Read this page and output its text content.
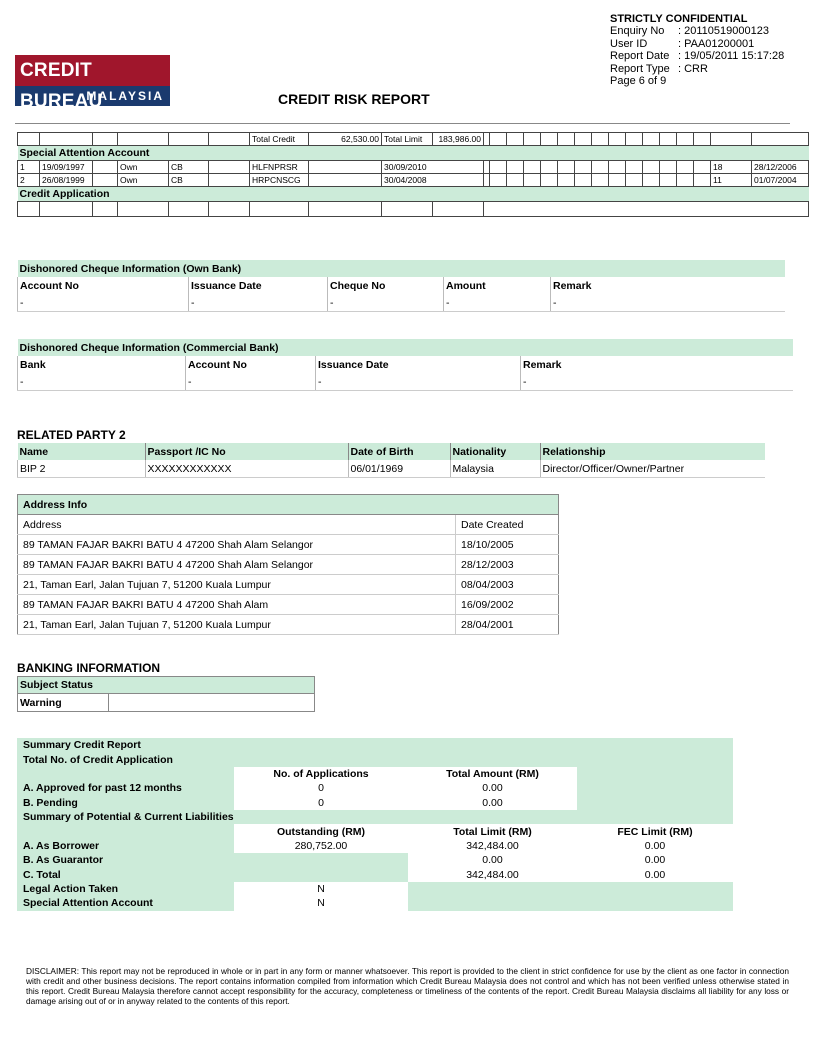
CREDIT BUREAU
MALAYSIA	CREDIT RISK REPORT
STRICTLY CONFIDENTIAL
Enquiry No	: 20110519000123
User ID	: PAA01200001
Report Date : 19/05/2011 15:17:28
Report Type : CRR
Page 6 of 9
						Total Credit	62,530.00	Total Limit	183,986.00																
Special Attention Account																									
1	19/09/1997		Own	CB		HLFNPRSR		30/09/2010																18	28/12/2006
2	26/08/1999		Own	CB		HRPCNSCG		30/04/2008																11	01/07/2004
Credit Application																									

Dishonored Cheque Information (Own Bank)				
Account No	Issuance Date	Cheque No	Amount	Remark
-	-	-	-	-
Dishonored Cheque Information (Commercial Bank)			
Bank	Account No	Issuance Date	Remark
-	-	-	-
RELATED PARTY 2
Name	Passport /IC No	Date of Birth	Nationality	Relationship
BIP 2	XXXXXXXXXXXX	06/01/1969	Malaysia	Director/Officer/Owner/Partner
Address Info	
Address	Date Created
89 TAMAN FAJAR BAKRI BATU 4 47200 Shah Alam Selangor	18/10/2005
89 TAMAN FAJAR BAKRI BATU 4 47200 Shah Alam Selangor	28/12/2003
21, Taman Earl, Jalan Tujuan 7, 51200 Kuala Lumpur	08/04/2003
89 TAMAN FAJAR BAKRI BATU 4 47200 Shah Alam	16/09/2002
21, Taman Earl, Jalan Tujuan 7, 51200 Kuala Lumpur	28/04/2001
BANKING INFORMATION
Subject Status
Warning	
Summary Credit Report			
Total No. of Credit Application			
	No. of Applications	Total Amount (RM)	
A. Approved for past 12 months	0	0.00	
B. Pending	0	0.00	
Summary of Potential & Current Liabilities			
	Outstanding (RM)	Total Limit (RM)	FEC Limit (RM)
A. As Borrower	280,752.00	342,484.00	0.00
B. As Guarantor		0.00	0.00
C. Total		342,484.00	0.00
Legal Action Taken	N		
Special Attention Account	N		
DISCLAIMER: This report may not be reproduced in whole or in part in any form or manner whatsoever. This report is provided to the client in strict confidence for use by the client as one factor in connection with credit and other business decisions. The report contains information compiled from information which Credit Bureau Malaysia does not control and which has not been verified unless otherwise stated in this report. Credit Bureau Malaysia therefore cannot accept responsibility for the accuracy, completeness or timeliness of the contents of the report. Credit Bureau Malaysia disclaims all liability for any loss or damage arising out of or in anyway related to the contents of this report.
